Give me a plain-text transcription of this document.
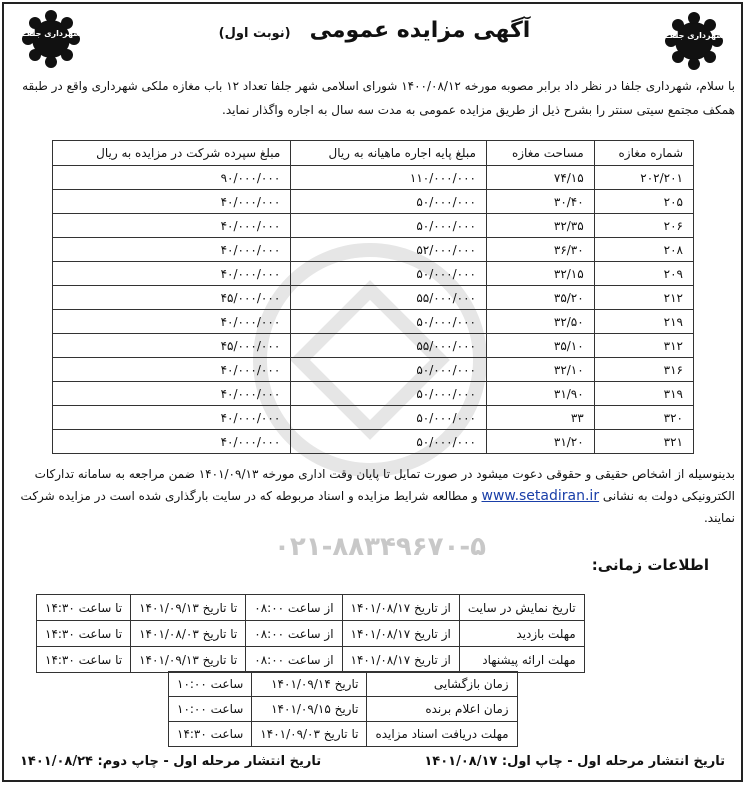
شهرداری جلفـا	شهرداری جلفـا
آگهی مزایده عمومی (نوبت اول)
با سلام، شهرداری جلفا در نظر داد برابر مصوبه مورخه ۱۴۰۰/۰۸/۱۲ شورای اسلامی شهر جلفا تعداد ۱۲ باب مغازه ملکی شهرداری واقع در طبقه همکف مجتمع سیتی سنتر را بشرح ذیل از طریق مزایده عمومی به مدت سه سال به اجاره واگذار نماید.
شماره مغازه	مساحت مغازه	مبلغ پایه اجاره ماهیانه به ریال	مبلغ سپرده شرکت در مزایده به ریال
۲۰۲/۲۰۱	۷۴/۱۵	۱۱۰/۰۰۰/۰۰۰	۹۰/۰۰۰/۰۰۰
۲۰۵	۳۰/۴۰	۵۰/۰۰۰/۰۰۰	۴۰/۰۰۰/۰۰۰
۲۰۶	۳۲/۳۵	۵۰/۰۰۰/۰۰۰	۴۰/۰۰۰/۰۰۰
۲۰۸	۳۶/۳۰	۵۲/۰۰۰/۰۰۰	۴۰/۰۰۰/۰۰۰
۲۰۹	۳۲/۱۵	۵۰/۰۰۰/۰۰۰	۴۰/۰۰۰/۰۰۰
۲۱۲	۳۵/۲۰	۵۵/۰۰۰/۰۰۰	۴۵/۰۰۰/۰۰۰
۲۱۹	۳۲/۵۰	۵۰/۰۰۰/۰۰۰	۴۰/۰۰۰/۰۰۰
۳۱۲	۳۵/۱۰	۵۵/۰۰۰/۰۰۰	۴۵/۰۰۰/۰۰۰
۳۱۶	۳۲/۱۰	۵۰/۰۰۰/۰۰۰	۴۰/۰۰۰/۰۰۰
۳۱۹	۳۱/۹۰	۵۰/۰۰۰/۰۰۰	۴۰/۰۰۰/۰۰۰
۳۲۰	۳۳	۵۰/۰۰۰/۰۰۰	۴۰/۰۰۰/۰۰۰
۳۲۱	۳۱/۲۰	۵۰/۰۰۰/۰۰۰	۴۰/۰۰۰/۰۰۰
بدینوسیله از اشخاص حقیقی و حقوقی دعوت میشود در صورت تمایل تا پایان وقت اداری مورخه ۱۴۰۱/۰۹/۱۳ ضمن مراجعه به سامانه تدارکات الکترونیکی دولت به نشانی www.setadiran.ir و مطالعه شرایط مزایده و اسناد مربوطه که در سایت بارگذاری شده است در مزایده شرکت نمایند.
۰۲۱-۸۸۳۴۹۶۷۰-۵
اطلاعات زمانی:
تاریخ نمایش در سایت	از تاریخ ۱۴۰۱/۰۸/۱۷	از ساعت ۰۸:۰۰	تا تاریخ ۱۴۰۱/۰۹/۱۳	تا ساعت ۱۴:۳۰
مهلت بازدید	از تاریخ ۱۴۰۱/۰۸/۱۷	از ساعت ۰۸:۰۰	تا تاریخ ۱۴۰۱/۰۸/۰۳	تا ساعت ۱۴:۳۰
مهلت ارائه پیشنهاد	از تاریخ ۱۴۰۱/۰۸/۱۷	از ساعت ۰۸:۰۰	تا تاریخ ۱۴۰۱/۰۹/۱۳	تا ساعت ۱۴:۳۰
زمان بازگشایی	تاریخ ۱۴۰۱/۰۹/۱۴	ساعت ۱۰:۰۰
زمان اعلام برنده	تاریخ ۱۴۰۱/۰۹/۱۵	ساعت ۱۰:۰۰
مهلت دریافت اسناد مزایده	تا تاریخ ۱۴۰۱/۰۹/۰۳	ساعت ۱۴:۳۰
تاریخ انتشار مرحله اول - چاپ اول: ۱۴۰۱/۰۸/۱۷
تاریخ انتشار مرحله اول - چاپ دوم: ۱۴۰۱/۰۸/۲۴
